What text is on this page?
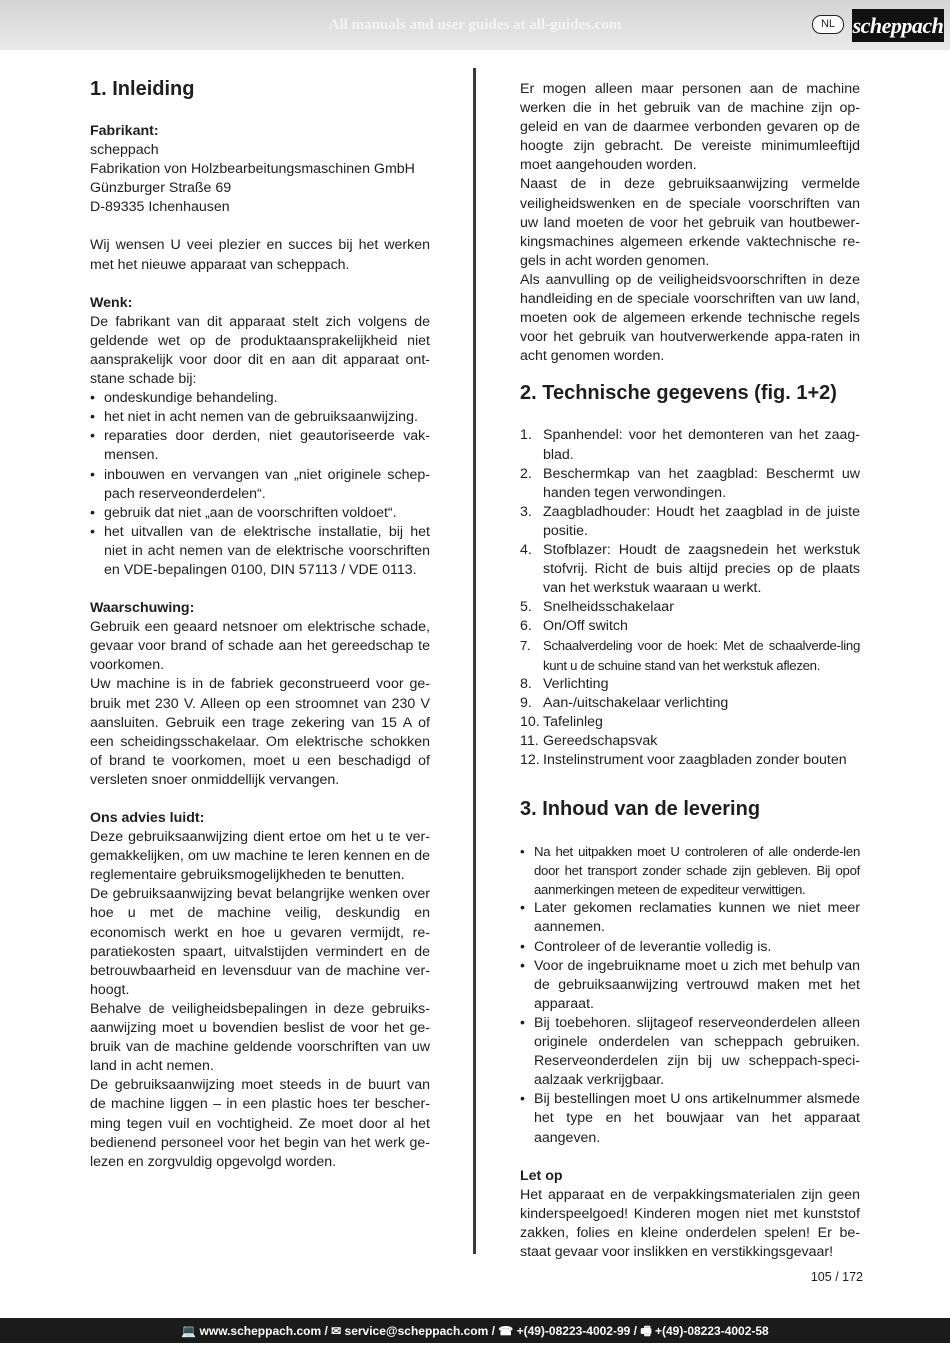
All manuals and user guides at all-guides.com	NL scheppach
1. Inleiding
Fabrikant:
scheppach
Fabrikation von Holzbearbeitungsmaschinen GmbH
Günzburger Straße 69
D-89335 Ichenhausen

Wij wensen U veei plezier en succes bij het werken met het nieuwe apparaat van scheppach.

Wenk:

De fabrikant van dit apparaat stelt zich volgens de geldende wet op de produktaansprakelijkheid niet aansprakelijk voor door dit en aan dit apparaat ont-stane schade bij:

• ondeskundige behandeling.
• het niet in acht nemen van de gebruiksaanwijzing.
• reparaties door derden, niet geautoriseerde vak-mensen.
• inbouwen en vervangen van „niet originele schep-pach reserveonderdelen“.
• gebruik dat niet „aan de voorschriften voldoet“.
• het uitvallen van de elektrische installatie, bij het niet in acht nemen van de elektrische voorschriften en VDE-bepalingen 0100, DIN 57113 / VDE 0113.
Waarschuwing:

Gebruik een geaard netsnoer om elektrische schade, gevaar voor brand of schade aan het gereedschap te voorkomen.

Uw machine is in de fabriek geconstrueerd voor ge-bruik met 230 V. Alleen op een stroomnet van 230 V aansluiten. Gebruik een trage zekering van 15 A of een scheidingsschakelaar. Om elektrische schokken of brand te voorkomen, moet u een beschadigd of versleten snoer onmiddellijk vervangen.

Ons advies luidt:

Deze gebruiksaanwijzing dient ertoe om het u te ver-gemakkelijken, om uw machine te leren kennen en de reglementaire gebruiksmogelijkheden te benutten.

De gebruiksaanwijzing bevat belangrijke wenken over hoe u met de machine veilig, deskundig en economisch werkt en hoe u gevaren vermijdt, re-paratiekosten spaart, uitvalstijden vermindert en de betrouwbaarheid en levensduur van de machine ver-hoogt.

Behalve de veiligheidsbepalingen in deze gebruiks-aanwijzing moet u bovendien beslist de voor het ge-bruik van de machine geldende voorschriften van uw land in acht nemen.

De gebruiksaanwijzing moet steeds in de buurt van de machine liggen – in een plastic hoes ter bescher-ming tegen vuil en vochtigheid. Ze moet door al het bedienend personeel voor het begin van het werk ge-lezen en zorgvuldig opgevolgd worden.

Er mogen alleen maar personen aan de machine werken die in het gebruik van de machine zijn op-geleid en van de daarmee verbonden gevaren op de hoogte zijn gebracht. De vereiste minimumleeftijd moet aangehouden worden.

Naast de in deze gebruiksaanwijzing vermelde veiligheidswenken en de speciale voorschriften van uw land moeten de voor het gebruik van houtbewer-kingsmachines algemeen erkende vaktechnische re-gels in acht worden genomen.

Als aanvulling op de veiligheidsvoorschriften in deze handleiding en de speciale voorschriften van uw land, moeten ook de algemeen erkende technische regels voor het gebruik van houtverwerkende appa-raten in acht genomen worden.

2. Technische gegevens (fig. 1+2)
1. Spanhendel: voor het demonteren van het zaag-blad.
2. Beschermkap van het zaagblad: Beschermt uw handen tegen verwondingen.
3. Zaagbladhouder: Houdt het zaagblad in de juiste positie.
4. Stofblazer: Houdt de zaagsnedein het werkstuk stofvrij. Richt de buis altijd precies op de plaats van het werkstuk waaraan u werkt.
5. Snelheidsschakelaar
6. On/Off switch
7. Schaalverdeling voor de hoek: Met de schaalverde-ling kunt u de schuine stand van het werkstuk aflezen.
8. Verlichting
9. Aan-/uitschakelaar verlichting
10. Tafelinleg
11. Gereedschapsvak
12. Instelinstrument voor zaagbladen zonder bouten
3. Inhoud van de levering
• Na het uitpakken moet U controleren of alle onderde-len door het transport zonder schade zijn gebleven. Bij opof aanmerkingen meteen de expediteur verwittigen.
• Later gekomen reclamaties kunnen we niet meer aannemen.
• Controleer of de leverantie volledig is.
• Voor de ingebruikname moet u zich met behulp van de gebruiksaanwijzing vertrouwd maken met het apparaat.
• Bij toebehoren. slijtageof reserveonderdelen alleen originele onderdelen van scheppach gebruiken. Reserveonderdelen zijn bij uw scheppach-speci-aalzaak verkrijgbaar.
• Bij bestellingen moet U ons artikelnummer alsmede het type en het bouwjaar van het apparaat aangeven.
Let op

Het apparaat en de verpakkingsmaterialen zijn geen kinderspeelgoed! Kinderen mogen niet met kunststof zakken, folies en kleine onderdelen spelen! Er be-staat gevaar voor inslikken en verstikkingsgevaar!

105 / 172
💻 www.scheppach.com / ✉ service@scheppach.com / ☎ +(49)-08223-4002-99 / 🖷 +(49)-08223-4002-58
